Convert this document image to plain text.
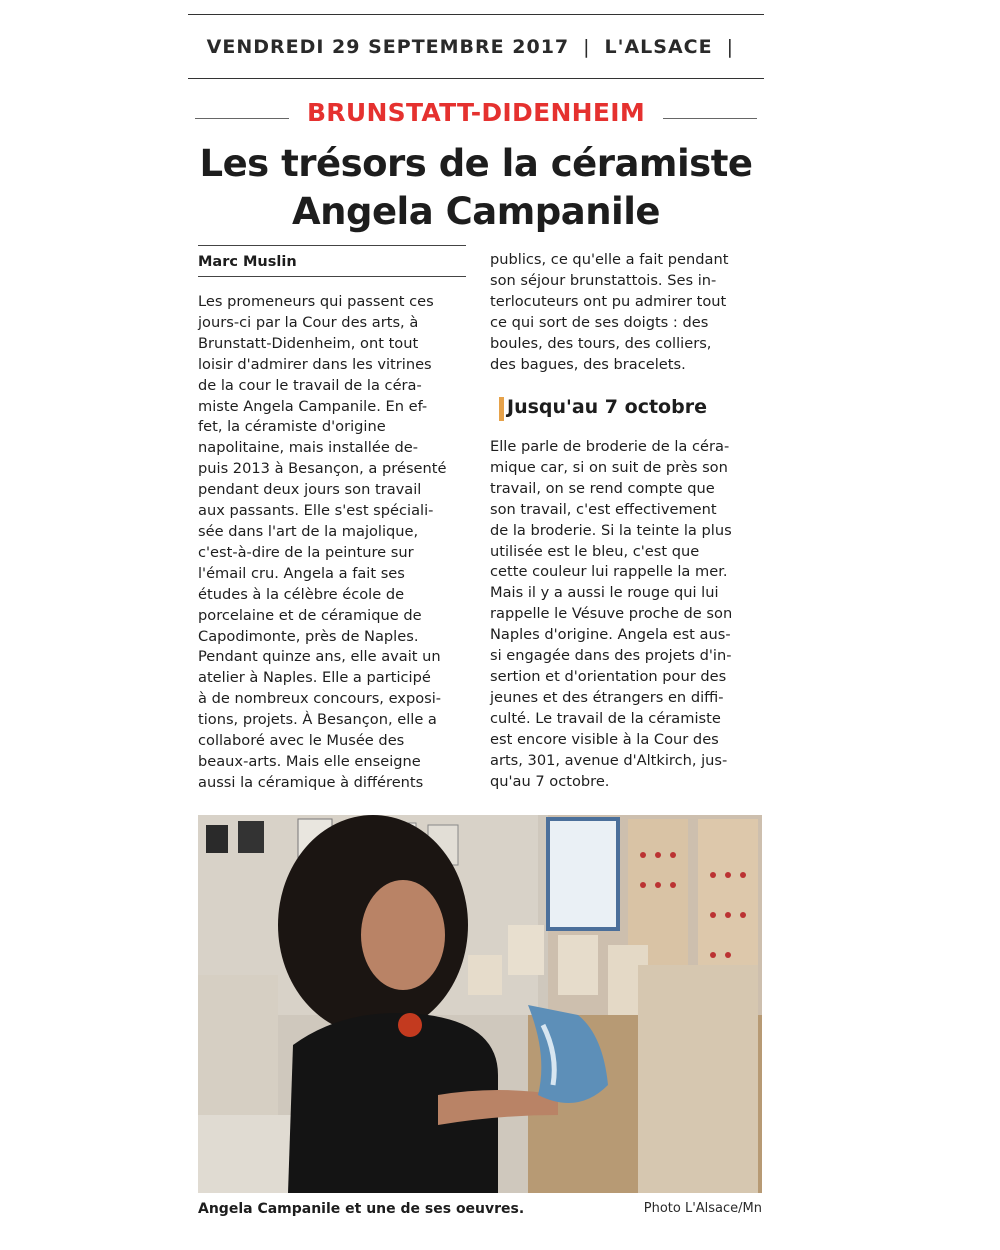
VENDREDI 29 SEPTEMBRE 2017 | L'ALSACE |
BRUNSTATT-DIDENHEIM
Les trésors de la céramiste
Angela Campanile
Marc Muslin

Les promeneurs qui passent ces

jours-ci par la Cour des arts, à

Brunstatt-Didenheim, ont tout

loisir d'admirer dans les vitrines

de la cour le travail de la céra-

miste Angela Campanile. En ef-

fet, la céramiste d'origine

napolitaine, mais installée de-

puis 2013 à Besançon, a présenté

pendant deux jours son travail

aux passants. Elle s'est spéciali-

sée dans l'art de la majolique,

c'est-à-dire de la peinture sur

l'émail cru. Angela a fait ses

études à la célèbre école de

porcelaine et de céramique de

Capodimonte, près de Naples.

Pendant quinze ans, elle avait un

atelier à Naples. Elle a participé

à de nombreux concours, exposi-

tions, projets. À Besançon, elle a

collaboré avec le Musée des

beaux-arts. Mais elle enseigne

aussi la céramique à différents

publics, ce qu'elle a fait pendant

son séjour brunstattois. Ses in-

terlocuteurs ont pu admirer tout

ce qui sort de ses doigts : des

boules, des tours, des colliers,

des bagues, des bracelets.

Jusqu'au 7 octobre

Elle parle de broderie de la céra-

mique car, si on suit de près son

travail, on se rend compte que

son travail, c'est effectivement

de la broderie. Si la teinte la plus

utilisée est le bleu, c'est que

cette couleur lui rappelle la mer.

Mais il y a aussi le rouge qui lui

rappelle le Vésuve proche de son

Naples d'origine. Angela est aus-

si engagée dans des projets d'in-

sertion et d'orientation pour des

jeunes et des étrangers en diffi-

culté. Le travail de la céramiste

est encore visible à la Cour des

arts, 301, avenue d'Altkirch, jus-

qu'au 7 octobre.

Angela Campanile et une de ses oeuvres.	Photo L'Alsace/Mn
